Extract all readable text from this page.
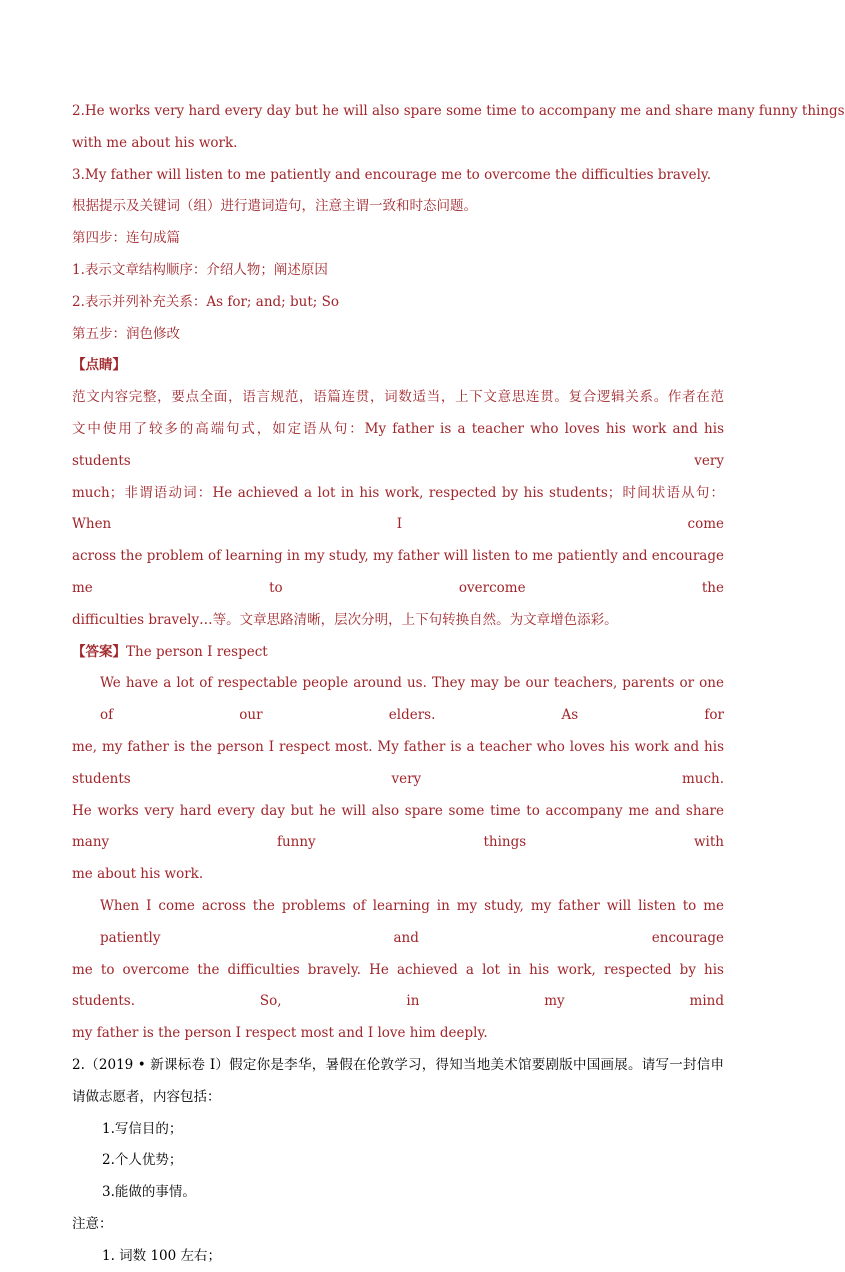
2.He works very hard every day but he will also spare some time to accompany me and share many funny things
with me about his work.
3.My father will listen to me patiently and encourage me to overcome the difficulties bravely.
根据提示及关键词（组）进行遣词造句，注意主谓一致和时态问题。
第四步：连句成篇
1.表示文章结构顺序：介绍人物；阐述原因
2.表示并列补充关系：As for; and; but; So
第五步：润色修改
【点睛】
范文内容完整，要点全面，语言规范，语篇连贯，词数适当，上下文意思连贯。复合逻辑关系。作者在范
文中使用了较多的高端句式，如定语从句：My father is a teacher who loves his work and his students very
much；非谓语动词：He achieved a lot in his work, respected by his students；时间状语从句：When I come
across the problem of learning in my study, my father will listen to me patiently and encourage me to overcome the
difficulties bravely…等。文章思路清晰，层次分明，上下句转换自然。为文章增色添彩。
【答案】The person I respect
We have a lot of respectable people around us. They may be our teachers, parents or one of our elders. As for
me, my father is the person I respect most. My father is a teacher who loves his work and his students very much.
He works very hard every day but he will also spare some time to accompany me and share many funny things with
me about his work.
When I come across the problems of learning in my study, my father will listen to me patiently and encourage
me to overcome the difficulties bravely. He achieved a lot in his work, respected by his students. So, in my mind
my father is the person I respect most and I love him deeply.
2.（2019 • 新课标卷 I）假定你是李华，暑假在伦敦学习，得知当地美术馆要剧版中国画展。请写一封信申
请做志愿者，内容包括：
1.写信目的；
2.个人优势；
3.能做的事情。
注意：
1. 词数 100 左右；
